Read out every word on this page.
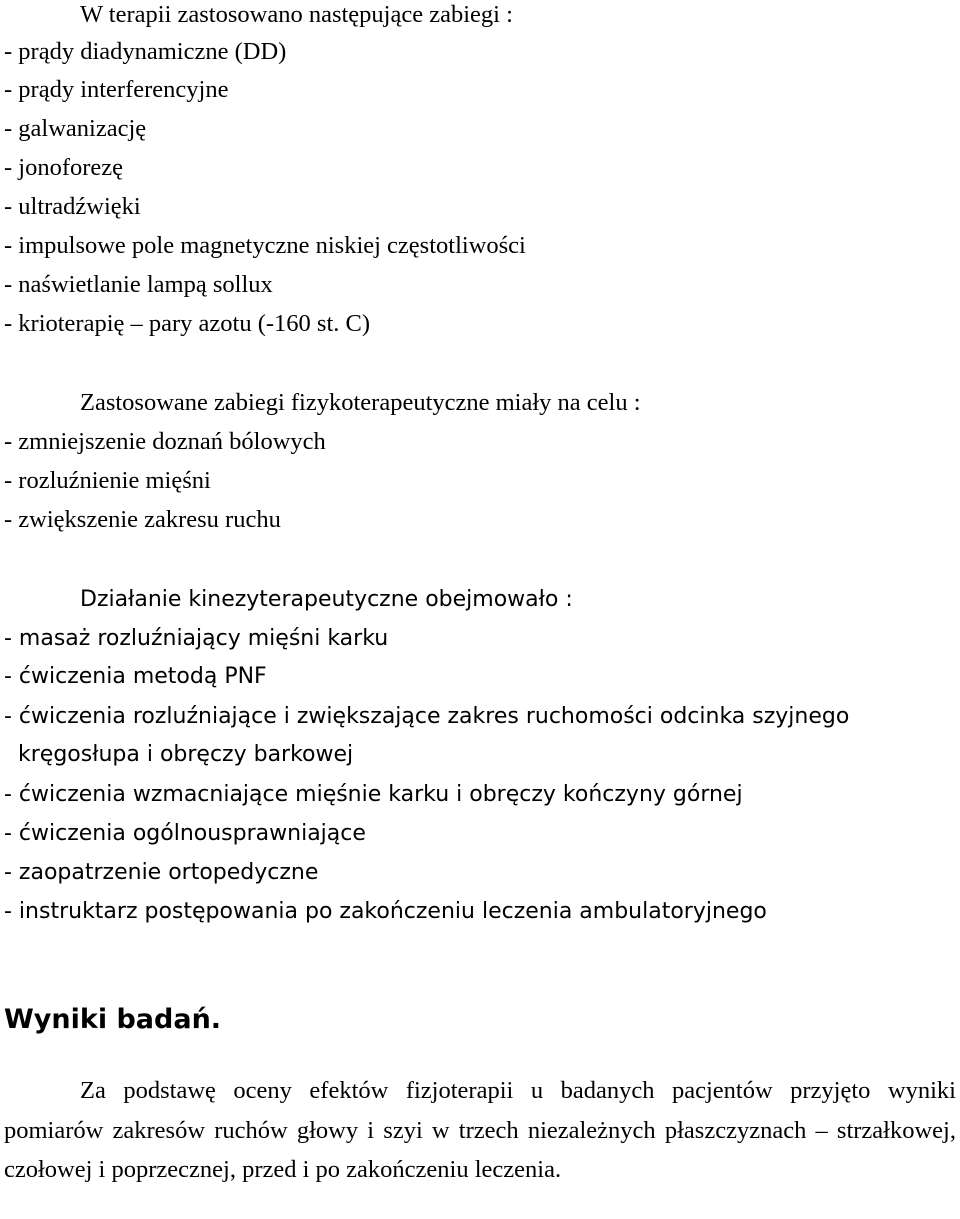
W terapii zastosowano następujące zabiegi :
- prądy diadynamiczne (DD)
- prądy interferencyjne
- galwanizację
- jonoforezę
- ultradźwięki
- impulsowe pole magnetyczne niskiej częstotliwości
- naświetlanie lampą sollux
- krioterapię – pary azotu (-160 st. C)
Zastosowane zabiegi fizykoterapeutyczne miały na celu :
- zmniejszenie doznań bólowych
- rozluźnienie mięśni
- zwiększenie zakresu ruchu
Działanie kinezyterapeutyczne obejmowało :
- masaż rozluźniający mięśni karku
- ćwiczenia metodą PNF
- ćwiczenia rozluźniające i zwiększające zakres ruchomości odcinka szyjnego
kręgosłupa i obręczy barkowej
- ćwiczenia wzmacniające mięśnie karku i obręczy kończyny górnej
- ćwiczenia ogólnousprawniające
- zaopatrzenie ortopedyczne
- instruktarz postępowania po zakończeniu leczenia ambulatoryjnego
Wyniki badań.

Za podstawę oceny efektów fizjoterapii u badanych pacjentów przyjęto wyniki pomiarów zakresów ruchów głowy i szyi w trzech niezależnych płaszczyznach – strzałkowej, czołowej i poprzecznej, przed i po zakończeniu leczenia.
